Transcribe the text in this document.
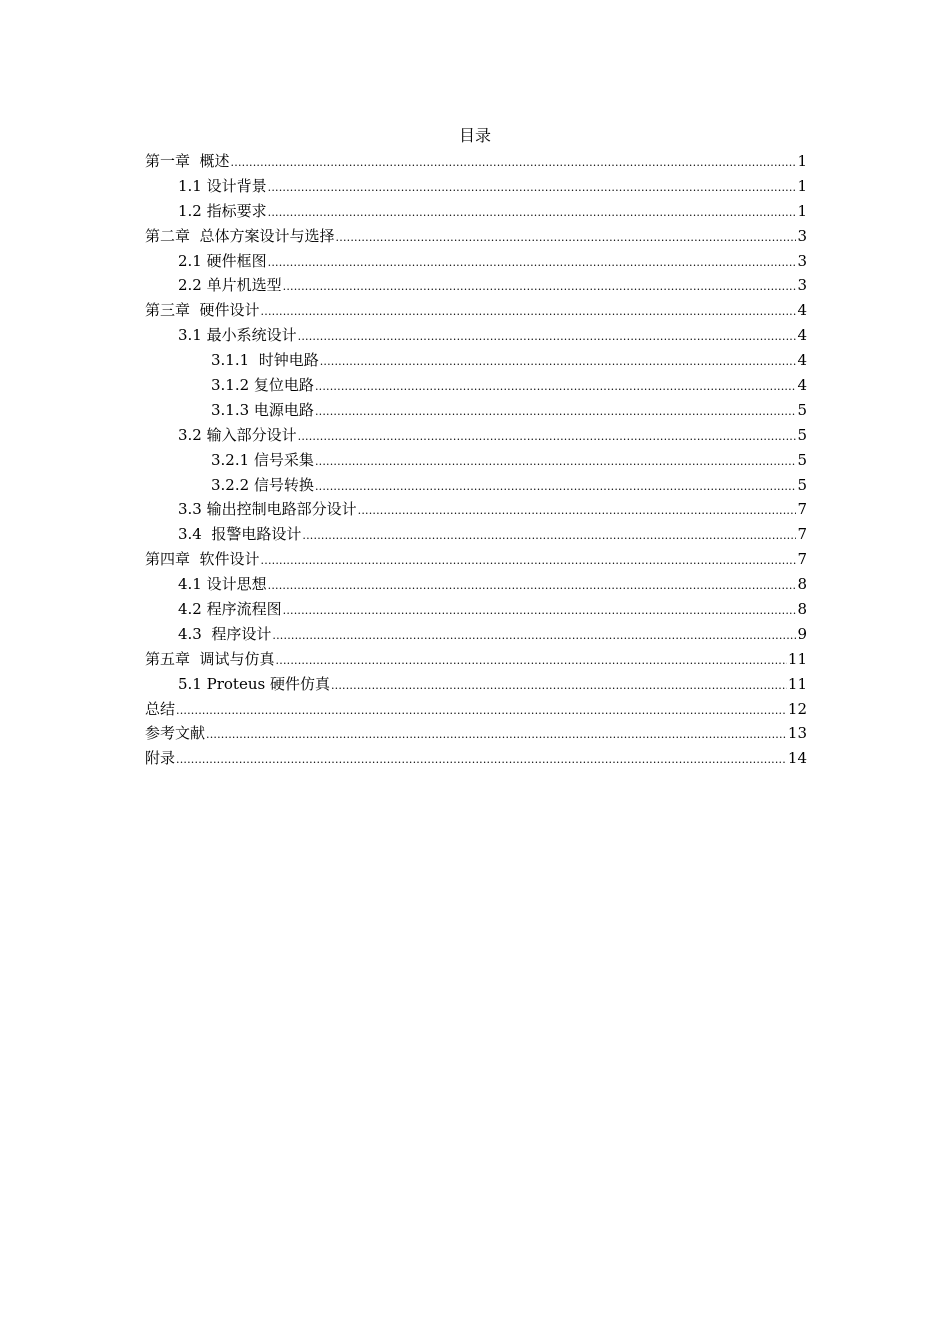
目录
第一章  概述 .....	1
1.1 设计背景 .....	1
1.2 指标要求 .....	1
第二章  总体方案设计与选择 .....	3
2.1 硬件框图 .....	3
2.2 单片机选型 .....	3
第三章  硬件设计 .....	4
3.1 最小系统设计 .....	4
3.1.1  时钟电路 .....	4
3.1.2 复位电路 .....	4
3.1.3 电源电路 .....	5
3.2 输入部分设计 .....	5
3.2.1 信号采集 .....	5
3.2.2 信号转换 .....	5
3.3 输出控制电路部分设计 .....	7
3.4  报警电路设计 .....	7
第四章  软件设计 .....	7
4.1 设计思想 .....	8
4.2 程序流程图 .....	8
4.3  程序设计 .....	9
第五章  调试与仿真 .....	11
5.1 Proteus 硬件仿真 .....	11
总结 .....	12
参考文献 .....	13
附录 .....	14
